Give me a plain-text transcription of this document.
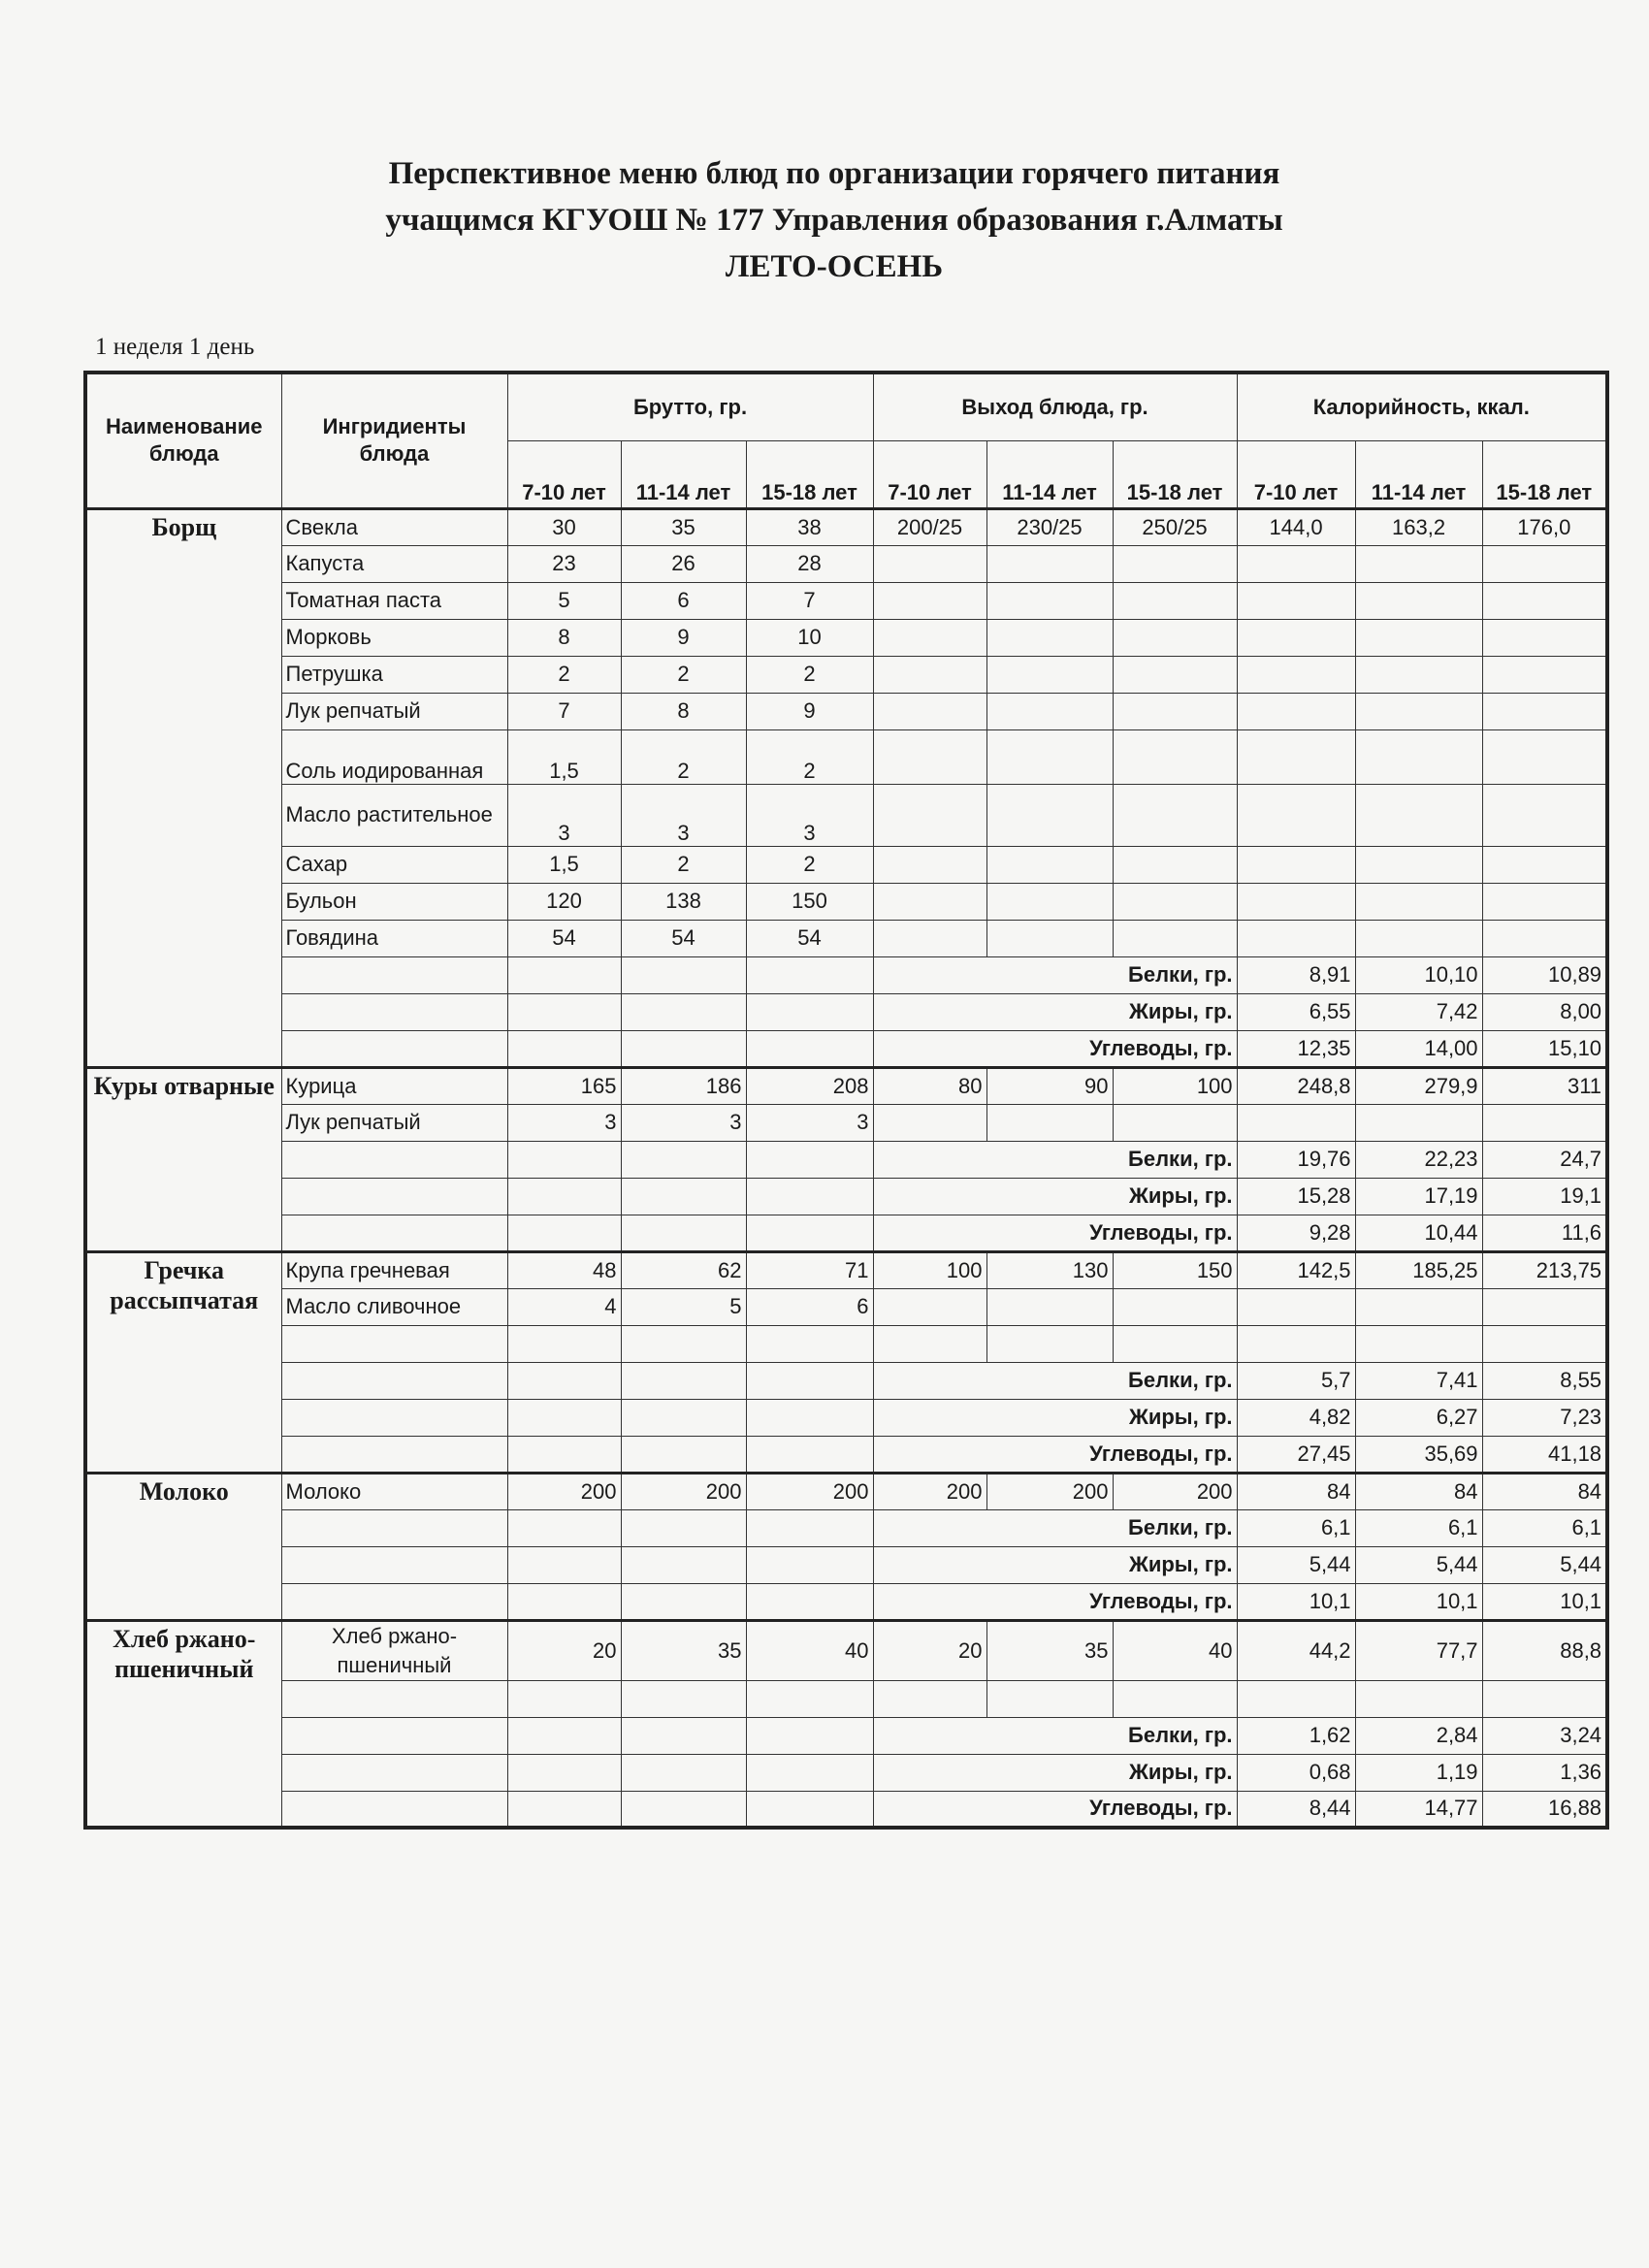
Перспективное меню блюд по организации горячего питания
учащимся КГУОШ № 177 Управления образования г.Алматы
ЛЕТО-ОСЕНЬ
1 неделя 1 день
Наименование блюда	Ингридиенты блюда	Брутто, гр.			Выход блюда, гр.			Калорийность, ккал.		
		7-10 лет	11-14 лет	15-18 лет	7-10 лет	11-14 лет	15-18 лет	7-10 лет	11-14 лет	15-18 лет
Борщ	Свекла	30	35	38	200/25	230/25	250/25	144,0	163,2	176,0
	Капуста	23	26	28						
	Томатная паста	5	6	7						
	Морковь	8	9	10						
	Петрушка	2	2	2						
	Лук репчатый	7	8	9						
	Соль иодированная	1,5	2	2						
	Масло растительное	3	3	3						
	Сахар	1,5	2	2						
	Бульон	120	138	150						
	Говядина	54	54	54						
					Белки, гр.			8,91	10,10	10,89
					Жиры, гр.			6,55	7,42	8,00
					Углеводы, гр.			12,35	14,00	15,10
Куры отварные	Курица	165	186	208	80	90	100	248,8	279,9	311
	Лук репчатый	3	3	3						
					Белки, гр.			19,76	22,23	24,7
					Жиры, гр.			15,28	17,19	19,1
					Углеводы, гр.			9,28	10,44	11,6
Гречка рассыпчатая	Крупа гречневая	48	62	71	100	130	150	142,5	185,25	213,75
	Масло сливочное	4	5	6						

					Белки, гр.			5,7	7,41	8,55
					Жиры, гр.			4,82	6,27	7,23
					Углеводы, гр.			27,45	35,69	41,18
Молоко	Молоко	200	200	200	200	200	200	84	84	84
					Белки, гр.			6,1	6,1	6,1
					Жиры, гр.			5,44	5,44	5,44
					Углеводы, гр.			10,1	10,1	10,1
Хлеб ржано-пшеничный	Хлеб ржано-пшеничный	20	35	40	20	35	40	44,2	77,7	88,8

					Белки, гр.			1,62	2,84	3,24
					Жиры, гр.			0,68	1,19	1,36
					Углеводы, гр.			8,44	14,77	16,88
